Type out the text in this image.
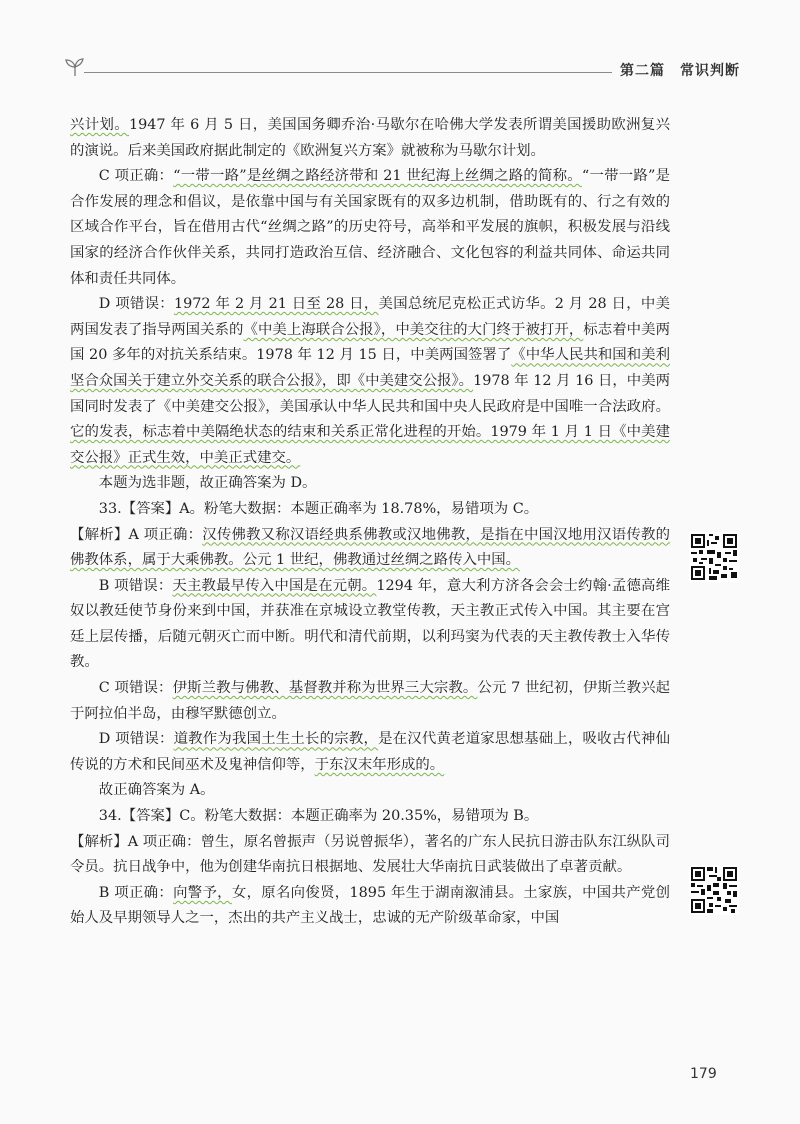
第二篇　常识判断

兴计划。1947 年 6 月 5 日，美国国务卿乔治·马歇尔在哈佛大学发表所谓美国援助欧洲复兴的演说。后来美国政府据此制定的《欧洲复兴方案》就被称为马歇尔计划。

C 项正确：“一带一路”是丝绸之路经济带和 21 世纪海上丝绸之路的简称。“一带一路”是合作发展的理念和倡议，是依靠中国与有关国家既有的双多边机制，借助既有的、行之有效的区域合作平台，旨在借用古代“丝绸之路”的历史符号，高举和平发展的旗帜，积极发展与沿线国家的经济合作伙伴关系，共同打造政治互信、经济融合、文化包容的利益共同体、命运共同体和责任共同体。

D 项错误：1972 年 2 月 21 日至 28 日，美国总统尼克松正式访华。2 月 28 日，中美两国发表了指导两国关系的《中美上海联合公报》，中美交往的大门终于被打开，标志着中美两国 20 多年的对抗关系结束。1978 年 12 月 15 日，中美两国签署了《中华人民共和国和美利坚合众国关于建立外交关系的联合公报》，即《中美建交公报》。1978 年 12 月 16 日，中美两国同时发表了《中美建交公报》，美国承认中华人民共和国中央人民政府是中国唯一合法政府。它的发表，标志着中美隔绝状态的结束和关系正常化进程的开始。1979 年 1 月 1 日《中美建交公报》正式生效，中美正式建交。

本题为选非题，故正确答案为 D。

33.【答案】A。粉笔大数据：本题正确率为 18.78%，易错项为 C。

【解析】A 项正确：汉传佛教又称汉语经典系佛教或汉地佛教，是指在中国汉地用汉语传教的佛教体系，属于大乘佛教。公元 1 世纪，佛教通过丝绸之路传入中国。

B 项错误：天主教最早传入中国是在元朝。1294 年，意大利方济各会会士约翰·孟德高维奴以教廷使节身份来到中国，并获准在京城设立教堂传教，天主教正式传入中国。其主要在宫廷上层传播，后随元朝灭亡而中断。明代和清代前期，以利玛窦为代表的天主教传教士入华传教。

C 项错误：伊斯兰教与佛教、基督教并称为世界三大宗教。公元 7 世纪初，伊斯兰教兴起于阿拉伯半岛，由穆罕默德创立。

D 项错误：道教作为我国土生土长的宗教，是在汉代黄老道家思想基础上，吸收古代神仙传说的方术和民间巫术及鬼神信仰等，于东汉末年形成的。

故正确答案为 A。

34.【答案】C。粉笔大数据：本题正确率为 20.35%，易错项为 B。

【解析】A 项正确：曾生，原名曾振声（另说曾振华），著名的广东人民抗日游击队东江纵队司令员。抗日战争中，他为创建华南抗日根据地、发展壮大华南抗日武装做出了卓著贡献。

B 项正确：向警予，女，原名向俊贤，1895 年生于湖南溆浦县。土家族，中国共产党创始人及早期领导人之一，杰出的共产主义战士，忠诚的无产阶级革命家，中国

179
